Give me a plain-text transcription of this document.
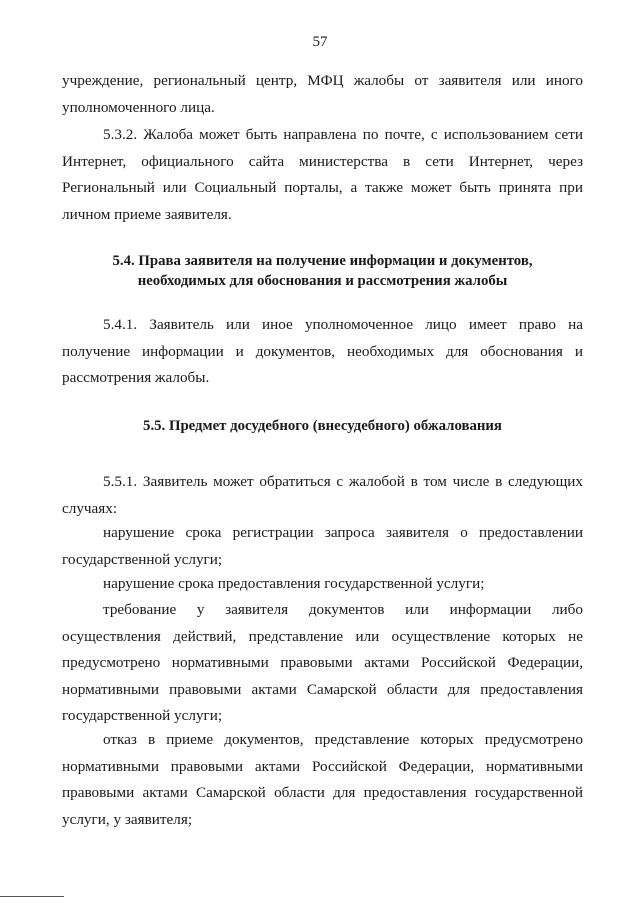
57

учреждение, региональный центр, МФЦ жалобы от заявителя или иного уполномоченного лица.

5.3.2. Жалоба может быть направлена по почте, с использованием сети Интернет, официального сайта министерства в сети Интернет, через Региональный или Социальный порталы, а также может быть принята при личном приеме заявителя.

5.4. Права заявителя на получение информации и документов,
необходимых для обоснования и рассмотрения жалобы

5.4.1. Заявитель или иное уполномоченное лицо имеет право на получение информации и документов, необходимых для обоснования и рассмотрения жалобы.

5.5. Предмет досудебного (внесудебного) обжалования

5.5.1. Заявитель может обратиться с жалобой в том числе в следующих случаях:

нарушение срока регистрации запроса заявителя о предоставлении государственной услуги;

нарушение срока предоставления государственной услуги;

требование у заявителя документов или информации либо осуществления действий, представление или осуществление которых не предусмотрено нормативными правовыми актами Российской Федерации, нормативными правовыми актами Самарской области для предоставления государственной услуги;

отказ в приеме документов, представление которых предусмотрено нормативными правовыми актами Российской Федерации, нормативными правовыми актами Самарской области для предоставления государственной услуги, у заявителя;
